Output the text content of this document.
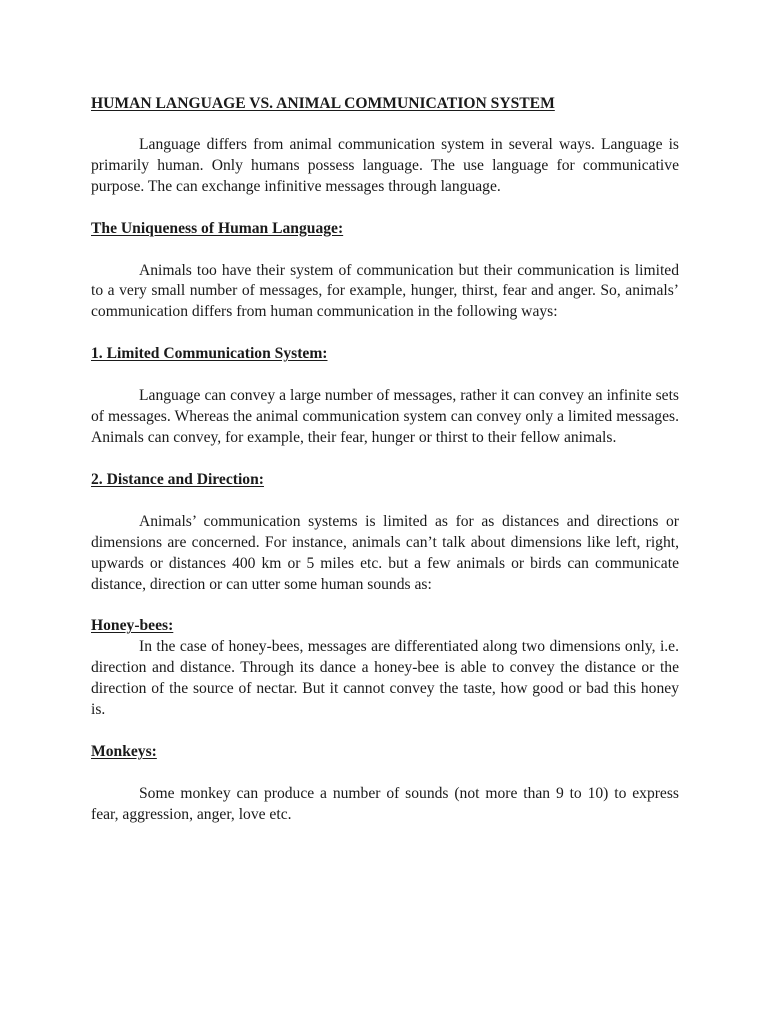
HUMAN LANGUAGE VS. ANIMAL COMMUNICATION SYSTEM

Language differs from animal communication system in several ways. Language is primarily human. Only humans possess language. The use language for communicative purpose. The can exchange infinitive messages through language.

The Uniqueness of Human Language:

Animals too have their system of communication but their communication is limited to a very small number of messages, for example, hunger, thirst, fear and anger. So, animals’ communication differs from human communication in the following ways:

1. Limited Communication System:

Language can convey a large number of messages, rather it can convey an infinite sets of messages. Whereas the animal communication system can convey only a limited messages. Animals can convey, for example, their fear, hunger or thirst to their fellow animals.

2. Distance and Direction:

Animals’ communication systems is limited as for as distances and directions or dimensions are concerned. For instance, animals can’t talk about dimensions like left, right, upwards or distances 400 km or 5 miles etc. but a few animals or birds can communicate distance, direction or can utter some human sounds as:

Honey-bees:

In the case of honey-bees, messages are differentiated along two dimensions only, i.e. direction and distance. Through its dance a honey-bee is able to convey the distance or the direction of the source of nectar. But it cannot convey the taste, how good or bad this honey is.

Monkeys:

Some monkey can produce a number of sounds (not more than 9 to 10) to express fear, aggression, anger, love etc.
